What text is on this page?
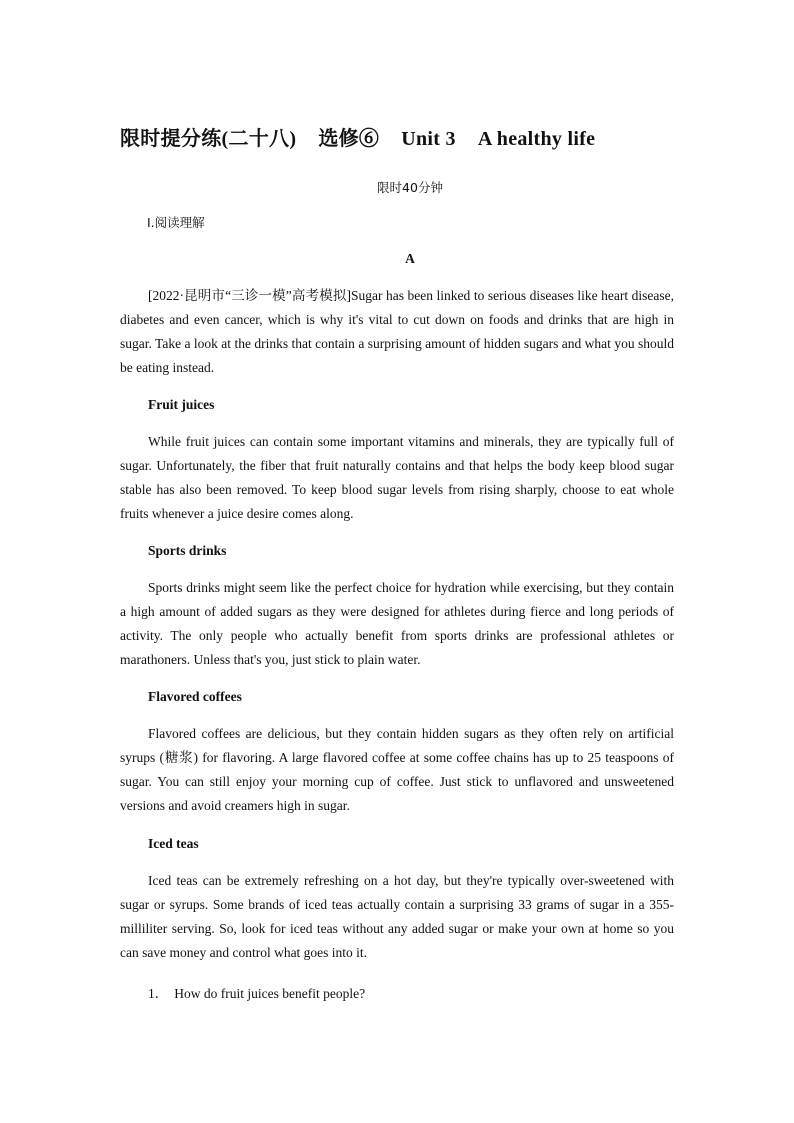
限时提分练(二十八) 选修⑥ Unit 3 A healthy life
限时40分钟
Ⅰ.阅读理解
A

[2022·昆明市“三诊一模”高考模拟]Sugar has been linked to serious diseases like heart disease, diabetes and even cancer, which is why it's vital to cut down on foods and drinks that are high in sugar. Take a look at the drinks that contain a surprising amount of hidden sugars and what you should be eating instead.

Fruit juices

While fruit juices can contain some important vitamins and minerals, they are typically full of sugar. Unfortunately, the fiber that fruit naturally contains and that helps the body keep blood sugar stable has also been removed. To keep blood sugar levels from rising sharply, choose to eat whole fruits whenever a juice desire comes along.

Sports drinks

Sports drinks might seem like the perfect choice for hydration while exercising, but they contain a high amount of added sugars as they were designed for athletes during fierce and long periods of activity. The only people who actually benefit from sports drinks are professional athletes or marathoners. Unless that's you, just stick to plain water.

Flavored coffees

Flavored coffees are delicious, but they contain hidden sugars as they often rely on artificial syrups (糖浆) for flavoring. A large flavored coffee at some coffee chains has up to 25 teaspoons of sugar. You can still enjoy your morning cup of coffee. Just stick to unflavored and unsweetened versions and avoid creamers high in sugar.

Iced teas

Iced teas can be extremely refreshing on a hot day, but they're typically over-sweetened with sugar or syrups. Some brands of iced teas actually contain a surprising 33 grams of sugar in a 355-milliliter serving. So, look for iced teas without any added sugar or make your own at home so you can save money and control what goes into it.

1． How do fruit juices benefit people?
